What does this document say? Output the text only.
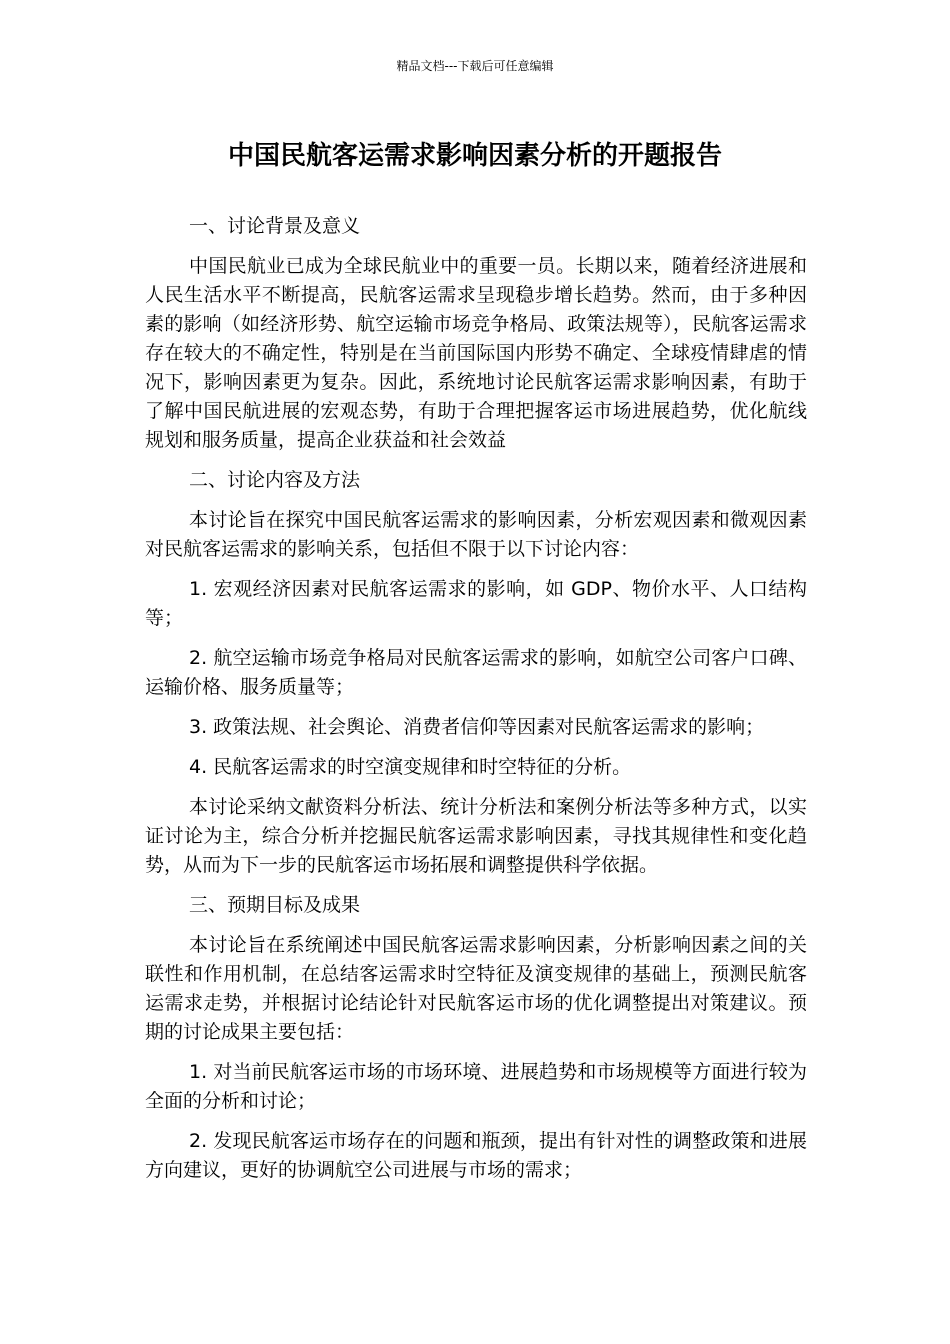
精品文档---下载后可任意编辑
中国民航客运需求影响因素分析的开题报告

一、讨论背景及意义

中国民航业已成为全球民航业中的重要一员。长期以来，随着经济进展和人民生活水平不断提高，民航客运需求呈现稳步增长趋势。然而，由于多种因素的影响（如经济形势、航空运输市场竞争格局、政策法规等），民航客运需求存在较大的不确定性，特别是在当前国际国内形势不确定、全球疫情肆虐的情况下，影响因素更为复杂。因此，系统地讨论民航客运需求影响因素，有助于了解中国民航进展的宏观态势，有助于合理把握客运市场进展趋势，优化航线规划和服务质量，提高企业获益和社会效益

二、讨论内容及方法

本讨论旨在探究中国民航客运需求的影响因素，分析宏观因素和微观因素对民航客运需求的影响关系，包括但不限于以下讨论内容：

1. 宏观经济因素对民航客运需求的影响，如 GDP、物价水平、人口结构等；

2. 航空运输市场竞争格局对民航客运需求的影响，如航空公司客户口碑、运输价格、服务质量等；

3. 政策法规、社会舆论、消费者信仰等因素对民航客运需求的影响；

4. 民航客运需求的时空演变规律和时空特征的分析。

本讨论采纳文献资料分析法、统计分析法和案例分析法等多种方式，以实证讨论为主，综合分析并挖掘民航客运需求影响因素，寻找其规律性和变化趋势，从而为下一步的民航客运市场拓展和调整提供科学依据。

三、预期目标及成果

本讨论旨在系统阐述中国民航客运需求影响因素，分析影响因素之间的关联性和作用机制，在总结客运需求时空特征及演变规律的基础上，预测民航客运需求走势，并根据讨论结论针对民航客运市场的优化调整提出对策建议。预期的讨论成果主要包括：

1. 对当前民航客运市场的市场环境、进展趋势和市场规模等方面进行较为全面的分析和讨论；

2. 发现民航客运市场存在的问题和瓶颈，提出有针对性的调整政策和进展方向建议，更好的协调航空公司进展与市场的需求；
